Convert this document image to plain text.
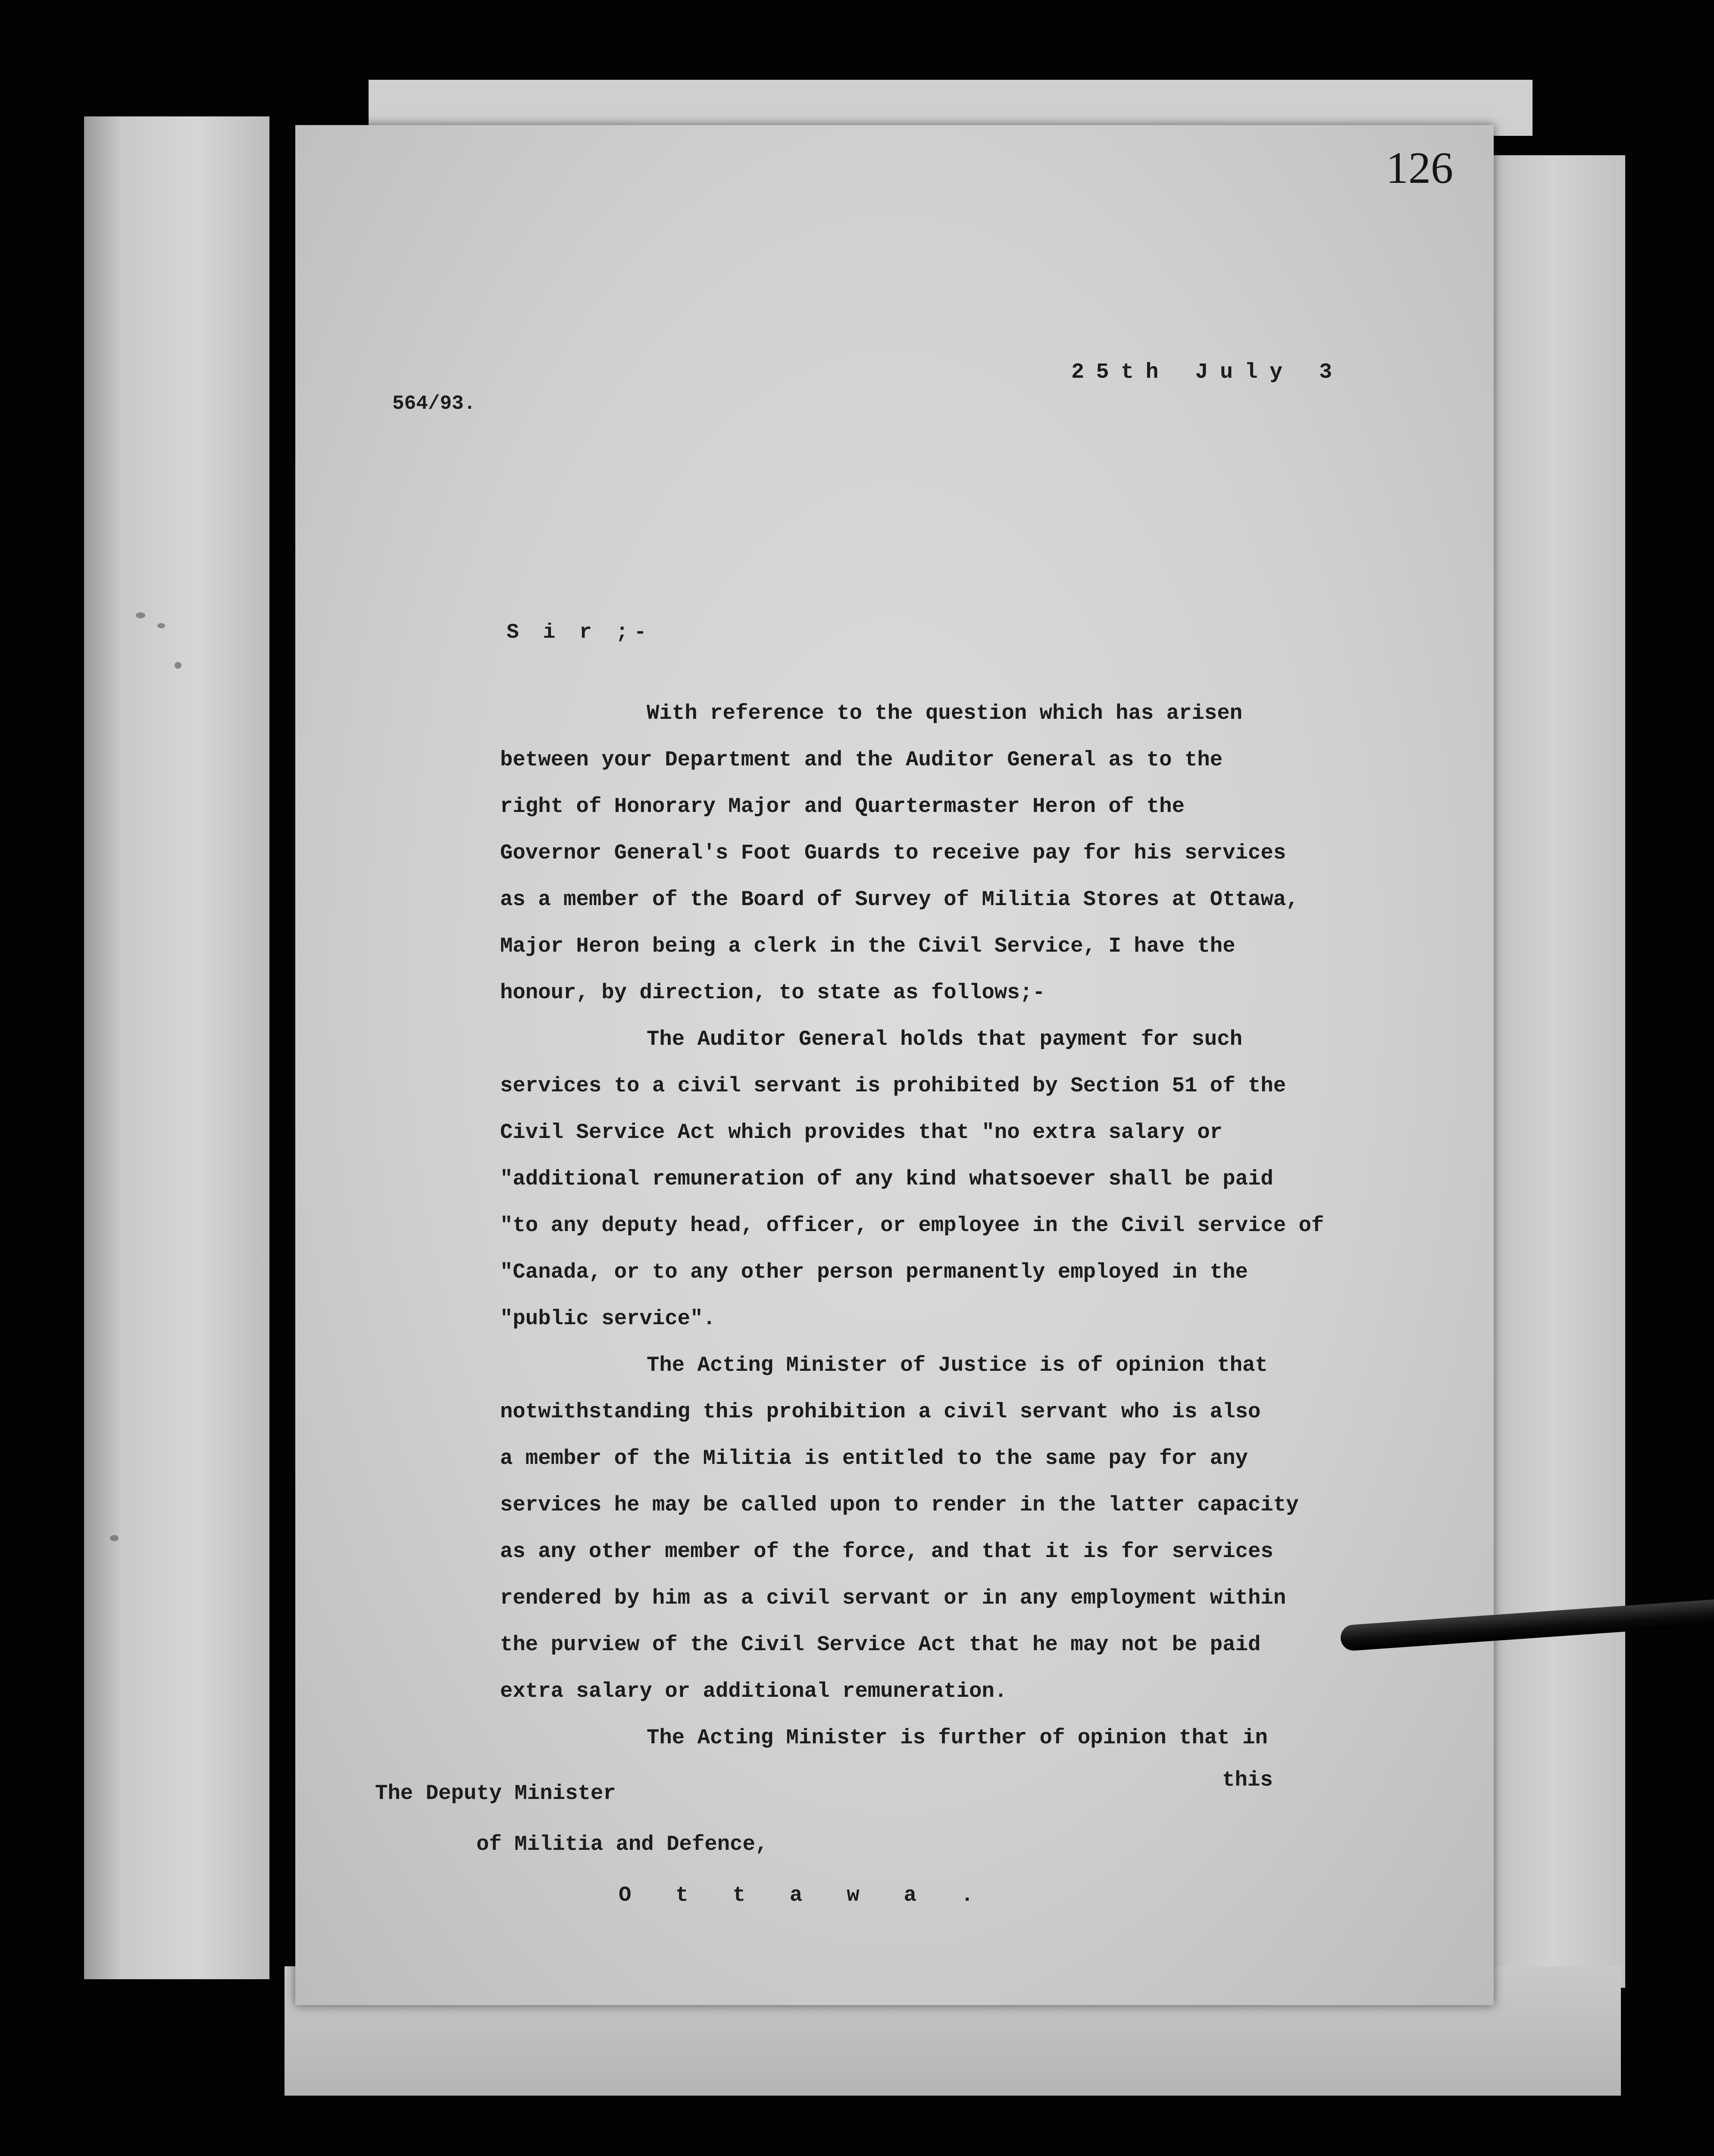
126
25th July 3
564/93.
S i r ;-
With reference to the question which has arisen
between your Department and the Auditor General as to the
right of Honorary Major and Quartermaster Heron of the
Governor General's Foot Guards to receive pay for his services
as a member of the Board of Survey of Militia Stores at Ottawa,
Major Heron being a clerk in the Civil Service, I have the
honour, by direction, to state as follows;-
The Auditor General holds that payment for such
services to a civil servant is prohibited by Section 51 of the
Civil Service Act which provides that "no extra salary or
"additional remuneration of any kind whatsoever shall be paid
"to any deputy head, officer, or employee in the Civil service of
"Canada, or to any other person permanently employed in the
"public service".
The Acting Minister of Justice is of opinion that
notwithstanding this prohibition a civil servant who is also
a member of the Militia is entitled to the same pay for any
services he may be called upon to render in the latter capacity
as any other member of the force, and that it is for services
rendered by him as a civil servant or in any employment within
the purview of the Civil Service Act that he may not be paid
extra salary or additional remuneration.
The Acting Minister is further of opinion that in
this
The Deputy Minister
of Militia and Defence,
O t t a w a .
